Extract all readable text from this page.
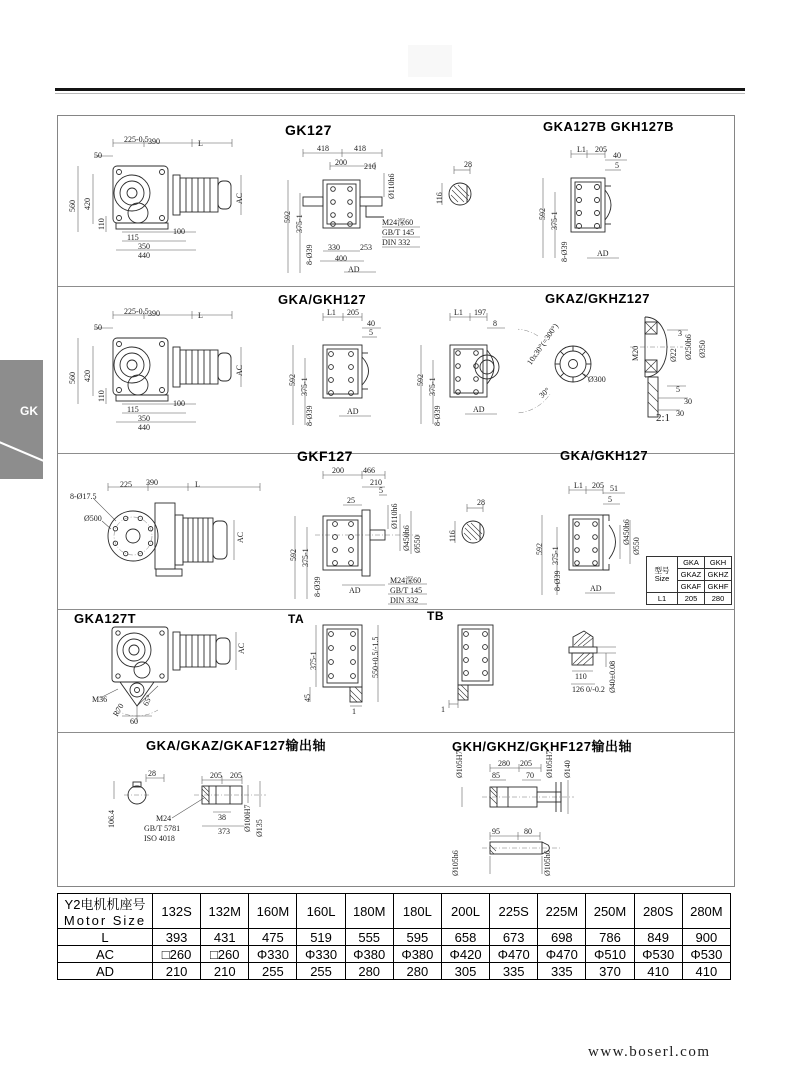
GK
GK127	GKA127B GKH127B
GKA/GKH127	GKAZ/GKHZ127
GKF127	GKA/GKH127
GKA127T	TA	TB
GKA/GKAZ/GKAF127输出轴	GKH/GKHZ/GKHF127输出轴
50
225-0.5 390	L
560 420
110
115
100
350
440
AC
418	418
200 210
Ø110h6
592 375-1
8-Ø39 330	253
400
AD
M24深60
GB/T 145
DIN 332
28
116
L1 205
40
5
592 375-1
8-Ø39	AD
50
225-0.5 390	L
560 420
110
115
100
350
440
AC
L1 205
40
5
592 375-1
8-Ø39	AD
L1 197
8
592 375-1
8-Ø39	AD
10x30°(=300°)
30°
Ø300
3
M20	Ø22 Ø250h6 Ø350
5
30
30
2:1
8-Ø17.5
Ø500
225 390	L
AC
200 466
210
5
25
Ø110h6
Ø450h6 Ø550
592 375-1
8-Ø39	AD
M24深60
GB/T 145
DIN 332
28
116
L1 205 51
5
592 375-1
8-Ø39	AD
Ø450h6
Ø550
型号
Size	GKA	GKH
	GKAZ	GKHZ
	GKAF	GKHF
L1	205	280
M36
R70
65°
60
AC
375-1	550+0.5/-1.5
45
1	1
110
126 0/-0.2 Ø40±0.08
28
106.4
205 205
38
373 Ø100H7 Ø135
M24
GB/T 5781
ISO 4018
Ø105H7	280 205 Ø105H7 Ø140
85	70
95	80
Ø105h6	Ø105h6
Y2电机机座号
Motor Size	132S	132M	160M	160L	180M	180L	200L	225S	225M	250M	280S	280M
L	393	431	475	519	555	595	658	673	698	786	849	900
AC	□260	□260	Φ330	Φ330	Φ380	Φ380	Φ420	Φ470	Φ470	Φ510	Φ530	Φ530
AD	210	210	255	255	280	280	305	335	335	370	410	410
www.boserl.com
